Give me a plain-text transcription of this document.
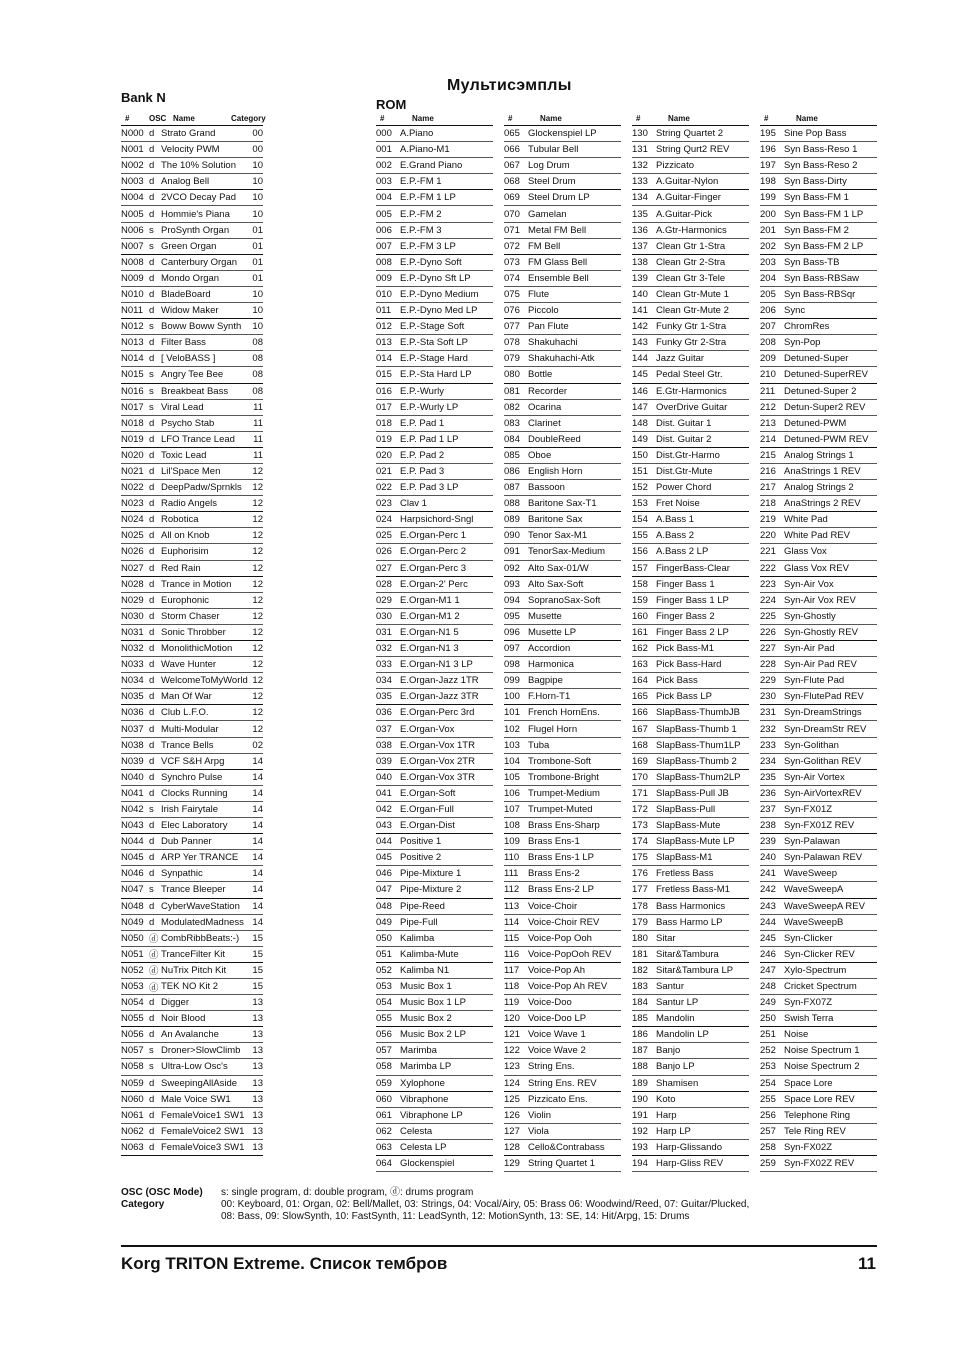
Мультисэмплы
Bank N	ROM
#	OSC Name	Category
N000 d Strato Grand	00
N001 d Velocity PWM	00
N002 d The 10% Solution	10
N003 d Analog Bell	10
N004 d 2VCO Decay Pad	10
N005 d Hommie's Piana	10
N006 s ProSynth Organ	01
N007 s Green Organ	01
N008 d Canterbury Organ	01
N009 d Mondo Organ	01
N010 d BladeBoard	10
N011 d Widow Maker	10
N012 s Boww Boww Synth	10
N013 d Filter Bass	08
N014 d [ VeloBASS ]	08
N015 s Angry Tee Bee	08
N016 s Breakbeat Bass	08
N017 s Viral Lead	11
N018 d Psycho Stab	11
N019 d LFO Trance Lead	11
N020 d Toxic Lead	11
N021 d Lil'Space Men	12
N022 d DeepPadw/Sprnkls	12
N023 d Radio Angels	12
N024 d Robotica	12
N025 d All on Knob	12
N026 d Euphorisim	12
N027 d Red Rain	12
N028 d Trance in Motion	12
N029 d Europhonic	12
N030 d Storm Chaser	12
N031 d Sonic Throbber	12
N032 d MonolithicMotion	12
N033 d Wave Hunter	12
N034 d WelcomeToMyWorld 12
N035 d Man Of War	12
N036 d Club L.F.O.	12
N037 d Multi-Modular	12
N038 d Trance Bells	02
N039 d VCF S&H Arpg	14
N040 d Synchro Pulse	14
N041 d Clocks Running	14
N042 s Irish Fairytale	14
N043 d Elec Laboratory	14
N044 d Dub Panner	14
N045 d ARP Yer TRANCE	14
N046 d Synpathic	14
N047 s Trance Bleeper	14
N048 d CyberWaveStation	14
N049 d ModulatedMadness 14
N050 ⓓ CombRibbBeats:-)	15
N051 ⓓ TranceFilter Kit	15
N052 ⓓ NuTrix Pitch Kit	15
N053 ⓓ TEK NO Kit 2	15
N054 d Digger	13
N055 d Noir Blood	13
N056 d An Avalanche	13
N057 s Droner>SlowClimb	13
N058 s Ultra-Low Osc's	13
N059 d SweepingAllAside	13
N060 d Male Voice SW1	13
N061 d FemaleVoice1 SW1 13
N062 d FemaleVoice2 SW1 13
N063 d FemaleVoice3 SW1 13
#	Name
000 A.Piano
001 A.Piano-M1
002 E.Grand Piano
003 E.P.-FM 1
004 E.P.-FM 1 LP
005 E.P.-FM 2
006 E.P.-FM 3
007 E.P.-FM 3 LP
008 E.P.-Dyno Soft
009 E.P.-Dyno Sft LP
010 E.P.-Dyno Medium
011 E.P.-Dyno Med LP
012 E.P.-Stage Soft
013 E.P.-Sta Soft LP
014 E.P.-Stage Hard
015 E.P.-Sta Hard LP
016 E.P.-Wurly
017 E.P.-Wurly LP
018 E.P. Pad 1
019 E.P. Pad 1 LP
020 E.P. Pad 2
021 E.P. Pad 3
022 E.P. Pad 3 LP
023 Clav 1
024 Harpsichord-Sngl
025 E.Organ-Perc 1
026 E.Organ-Perc 2
027 E.Organ-Perc 3
028 E.Organ-2' Perc
029 E.Organ-M1 1
030 E.Organ-M1 2
031 E.Organ-N1 5
032 E.Organ-N1 3
033 E.Organ-N1 3 LP
034 E.Organ-Jazz 1TR
035 E.Organ-Jazz 3TR
036 E.Organ-Perc 3rd
037 E.Organ-Vox
038 E.Organ-Vox 1TR
039 E.Organ-Vox 2TR
040 E.Organ-Vox 3TR
041 E.Organ-Soft
042 E.Organ-Full
043 E.Organ-Dist
044 Positive 1
045 Positive 2
046 Pipe-Mixture 1
047 Pipe-Mixture 2
048 Pipe-Reed
049 Pipe-Full
050 Kalimba
051 Kalimba-Mute
052 Kalimba N1
053 Music Box 1
054 Music Box 1 LP
055 Music Box 2
056 Music Box 2 LP
057 Marimba
058 Marimba LP
059 Xylophone
060 Vibraphone
061 Vibraphone LP
062 Celesta
063 Celesta LP
064 Glockenspiel
#	Name
065 Glockenspiel LP
066 Tubular Bell
067 Log Drum
068 Steel Drum
069 Steel Drum LP
070 Gamelan
071 Metal FM Bell
072 FM Bell
073 FM Glass Bell
074 Ensemble Bell
075 Flute
076 Piccolo
077 Pan Flute
078 Shakuhachi
079 Shakuhachi-Atk
080 Bottle
081 Recorder
082 Ocarina
083 Clarinet
084 DoubleReed
085 Oboe
086 English Horn
087 Bassoon
088 Baritone Sax-T1
089 Baritone Sax
090 Tenor Sax-M1
091 TenorSax-Medium
092 Alto Sax-01/W
093 Alto Sax-Soft
094 SopranoSax-Soft
095 Musette
096 Musette LP
097 Accordion
098 Harmonica
099 Bagpipe
100 F.Horn-T1
101 French HornEns.
102 Flugel Horn
103 Tuba
104 Trombone-Soft
105 Trombone-Bright
106 Trumpet-Medium
107 Trumpet-Muted
108 Brass Ens-Sharp
109 Brass Ens-1
110 Brass Ens-1 LP
111	Brass Ens-2
112 Brass Ens-2 LP
113 Voice-Choir
114 Voice-Choir REV
115 Voice-Pop Ooh
116 Voice-PopOoh REV
117 Voice-Pop Ah
118 Voice-Pop Ah REV
119 Voice-Doo
120 Voice-Doo LP
121 Voice Wave 1
122 Voice Wave 2
123 String Ens.
124 String Ens. REV
125 Pizzicato Ens.
126 Violin
127 Viola
128 Cello&Contrabass
129 String Quartet 1
#	Name
130 String Quartet 2
131 String Qurt2 REV
132 Pizzicato
133 A.Guitar-Nylon
134 A.Guitar-Finger
135 A.Guitar-Pick
136 A.Gtr-Harmonics
137 Clean Gtr 1-Stra
138 Clean Gtr 2-Stra
139 Clean Gtr 3-Tele
140 Clean Gtr-Mute 1
141 Clean Gtr-Mute 2
142 Funky Gtr 1-Stra
143 Funky Gtr 2-Stra
144 Jazz Guitar
145 Pedal Steel Gtr.
146 E.Gtr-Harmonics
147 OverDrive Guitar
148 Dist. Guitar 1
149 Dist. Guitar 2
150 Dist.Gtr-Harmo
151 Dist.Gtr-Mute
152 Power Chord
153 Fret Noise
154 A.Bass 1
155 A.Bass 2
156 A.Bass 2 LP
157 FingerBass-Clear
158 Finger Bass 1
159 Finger Bass 1 LP
160 Finger Bass 2
161 Finger Bass 2 LP
162 Pick Bass-M1
163 Pick Bass-Hard
164 Pick Bass
165 Pick Bass LP
166 SlapBass-ThumbJB
167 SlapBass-Thumb 1
168 SlapBass-Thum1LP
169 SlapBass-Thumb 2
170 SlapBass-Thum2LP
171 SlapBass-Pull JB
172 SlapBass-Pull
173 SlapBass-Mute
174 SlapBass-Mute LP
175 SlapBass-M1
176 Fretless Bass
177 Fretless Bass-M1
178 Bass Harmonics
179 Bass Harmo LP
180 Sitar
181 Sitar&Tambura
182 Sitar&Tambura LP
183 Santur
184 Santur LP
185 Mandolin
186 Mandolin LP
187 Banjo
188 Banjo LP
189 Shamisen
190 Koto
191 Harp
192 Harp LP
193 Harp-Glissando
194 Harp-Gliss REV
#	Name
195 Sine Pop Bass
196 Syn Bass-Reso 1
197 Syn Bass-Reso 2
198 Syn Bass-Dirty
199 Syn Bass-FM 1
200 Syn Bass-FM 1 LP
201 Syn Bass-FM 2
202 Syn Bass-FM 2 LP
203 Syn Bass-TB
204 Syn Bass-RBSaw
205 Syn Bass-RBSqr
206 Sync
207 ChromRes
208 Syn-Pop
209 Detuned-Super
210 Detuned-SuperREV
211 Detuned-Super 2
212 Detun-Super2 REV
213 Detuned-PWM
214 Detuned-PWM REV
215 Analog Strings 1
216 AnaStrings 1 REV
217 Analog Strings 2
218 AnaStrings 2 REV
219 White Pad
220 White Pad REV
221 Glass Vox
222 Glass Vox REV
223 Syn-Air Vox
224 Syn-Air Vox REV
225 Syn-Ghostly
226 Syn-Ghostly REV
227 Syn-Air Pad
228 Syn-Air Pad REV
229 Syn-Flute Pad
230 Syn-FlutePad REV
231 Syn-DreamStrings
232 Syn-DreamStr REV
233 Syn-Golithan
234 Syn-Golithan REV
235 Syn-Air Vortex
236 Syn-AirVortexREV
237 Syn-FX01Z
238 Syn-FX01Z REV
239 Syn-Palawan
240 Syn-Palawan REV
241 WaveSweep
242 WaveSweepA
243 WaveSweepA REV
244 WaveSweepB
245 Syn-Clicker
246 Syn-Clicker REV
247 Xylo-Spectrum
248 Cricket Spectrum
249 Syn-FX07Z
250 Swish Terra
251 Noise
252 Noise Spectrum 1
253 Noise Spectrum 2
254 Space Lore
255 Space Lore REV
256 Telephone Ring
257 Tele Ring REV
258 Syn-FX02Z
259 Syn-FX02Z REV
OSC (OSC Mode)	s: single program, d: double program, ⓓ: drums program
Category	00: Keyboard, 01: Organ, 02: Bell/Mallet, 03: Strings, 04: Vocal/Airy, 05: Brass 06: Woodwind/Reed, 07: Guitar/Plucked,
08: Bass, 09: SlowSynth, 10: FastSynth, 11: LeadSynth, 12: MotionSynth, 13: SE, 14: Hit/Arpg, 15: Drums
Korg TRITON Extreme. Список тембров	11
